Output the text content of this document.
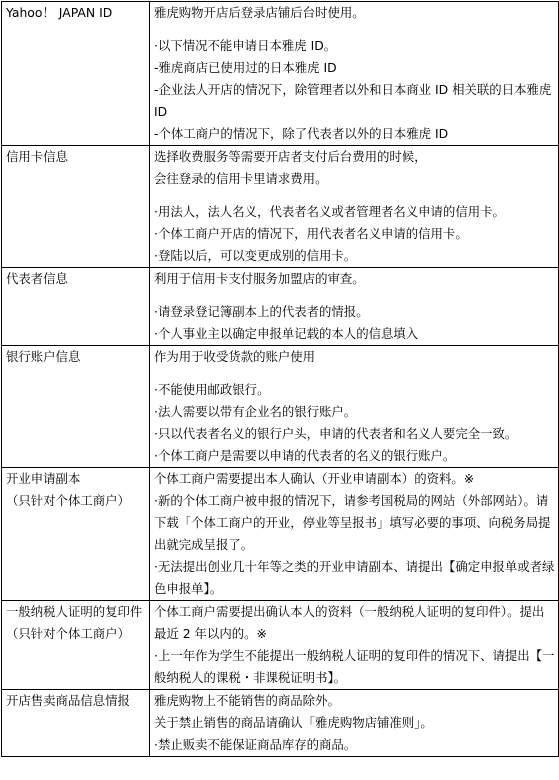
Yahoo！ JAPAN ID	雅虎购物开店后登录店铺后台时使用。
·以下情况不能申请日本雅虎 ID。
-雅虎商店已使用过的日本雅虎 ID
-企业法人开店的情况下，除管理者以外和日本商业 ID 相关联的日本雅虎 ID
-个体工商户的情况下，除了代表者以外的日本雅虎 ID

信用卡信息	选择收费服务等需要开店者支付后台费用的时候，
会往登录的信用卡里请求费用。
·用法人，法人名义，代表者名义或者管理者名义申请的信用卡。
·个体工商户开店的情况下，用代表者名义申请的信用卡。
·登陆以后，可以变更成别的信用卡。

代表者信息	利用于信用卡支付服务加盟店的审查。
·请登录登记簿副本上的代表者的情报。
·个人事业主以确定申报单记载的本人的信息填入

银行账户信息	作为用于收受货款的账户使用
·不能使用邮政银行。
·法人需要以带有企业名的银行账户。
·只以代表者名义的银行户头，申请的代表者和名义人要完全一致。
·个体工商户是需要以申请的代表者的名义的银行账户。

开业申请副本
（只针对个体工商户）	个体工商户需要提出本人确认（开业申请副本）的资料。※
·新的个体工商户被申报的情况下，请参考国税局的网站（外部网站）。请下载「个体工商户的开业，停业等呈报书」填写必要的事项、向税务局提出就完成呈报了。
·无法提出创业几十年等之类的开业申请副本、请提出【确定申报单或者绿色申报单】。

一般纳税人证明的复印件（只针对个体工商户）	个体工商户需要提出确认本人的资料（一般纳税人证明的复印件）。提出最近 2 年以内的。※
·上一年作为学生不能提出一般纳税人证明的复印件的情况下、请提出【一般纳税人的课税・非课税证明书】。

开店售卖商品信息情报	雅虎购物上不能销售的商品除外。
关于禁止销售的商品请确认「雅虎购物店铺准则」。
·禁止贩卖不能保证商品库存的商品。
